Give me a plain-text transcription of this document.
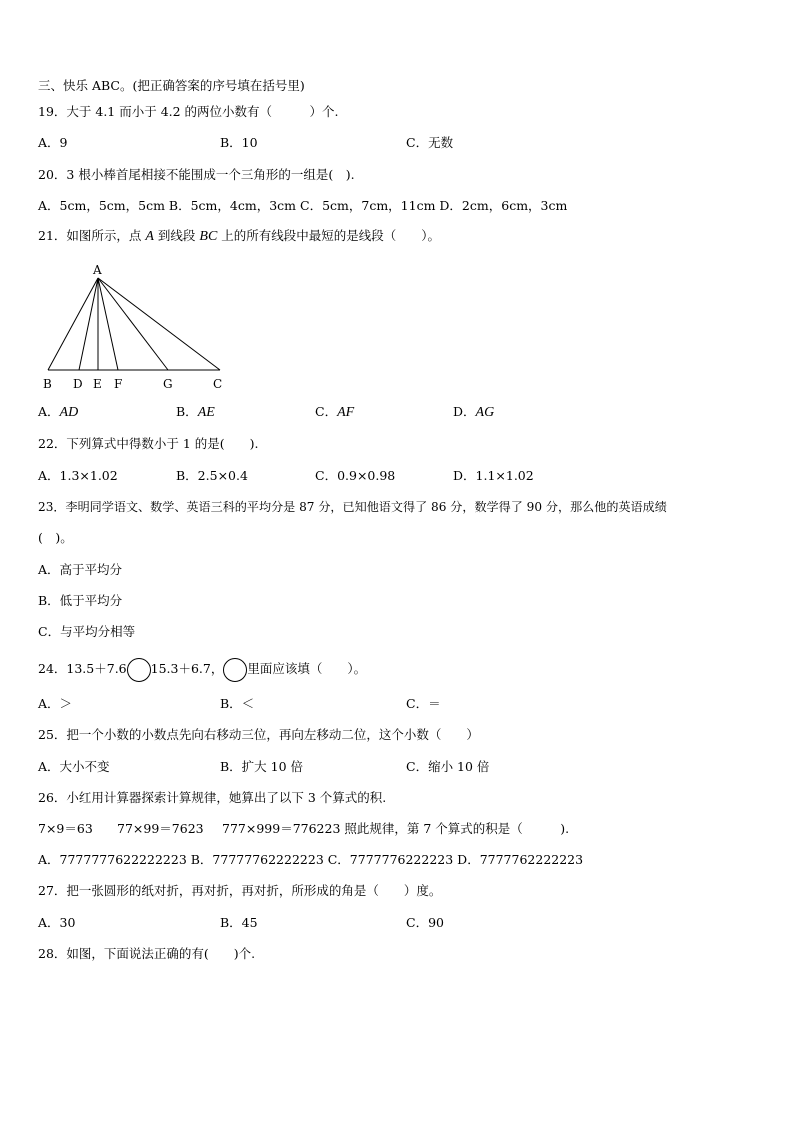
三、快乐 ABC。(把正确答案的序号填在括号里)
19．大于 4.1 而小于 4.2 的两位小数有（　　　）个.
A．9	B．10	C．无数
20．3 根小棒首尾相接不能围成一个三角形的一组是(　).
A．5cm，5cm，5cm B．5cm，4cm，3cm C．5cm，7cm，11cm D．2cm，6cm，3cm
21．如图所示，点 A 到线段 BC 上的所有线段中最短的是线段（　　）。
A
B D E F	G	C
A．AD	B．AE	C．AF	D．AG
22．下列算式中得数小于 1 的是(　　).
A．1.3×1.02	B．2.5×0.4	C．0.9×0.98	D．1.1×1.02
23．李明同学语文、数学、英语三科的平均分是 87 分，已知他语文得了 86 分，数学得了 90 分，那么他的英语成绩
(　)。
A．高于平均分
B．低于平均分
C．与平均分相等
24．13.5＋7.6 15.3＋6.7， 里面应该填（　　）。
A．＞	B．＜	C．＝
25．把一个小数的小数点先向右移动三位，再向左移动二位，这个小数（　　）
A．大小不变	B．扩大 10 倍	C．缩小 10 倍
26．小红用计算器探索计算规律，她算出了以下 3 个算式的积.
7×9＝63 77×99＝7623 777×999＝776223 照此规律，第 7 个算式的积是（　　　).
A．7777777622222223 B．77777762222223 C．7777776222223 D．7777762222223
27．把一张圆形的纸对折，再对折，再对折，所形成的角是（　　）度。
A．30	B．45	C．90
28．如图，下面说法正确的有(　　)个.
